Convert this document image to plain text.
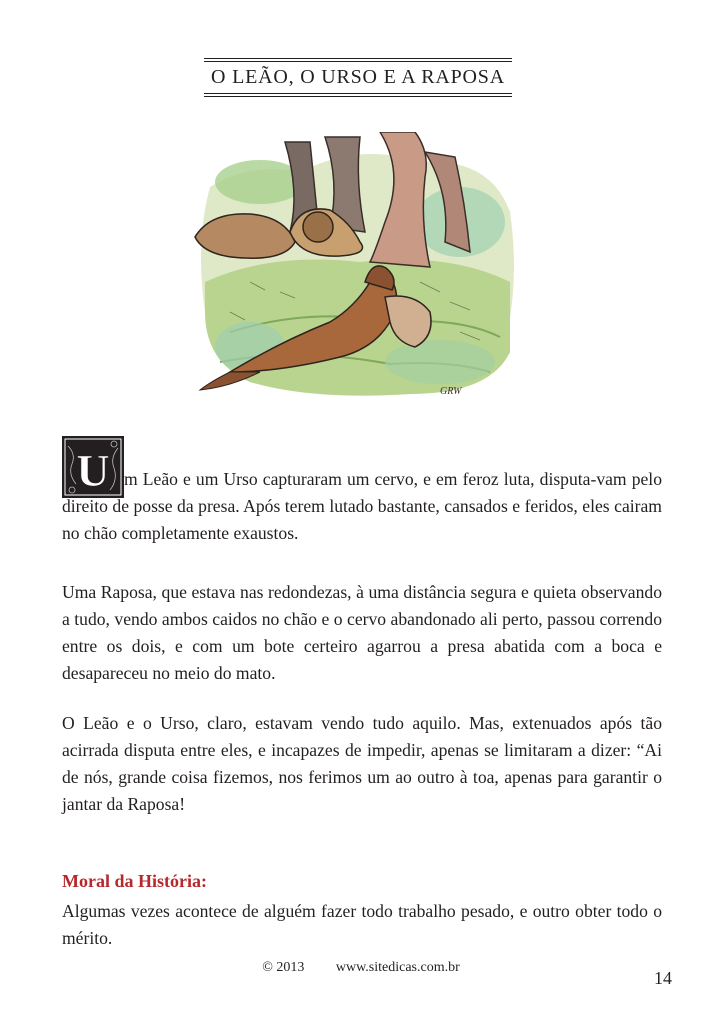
O LEÃO, O URSO E A RAPOSA
GRW
U m Leão e um Urso capturaram um cervo, e em feroz luta, disputa-vam pelo direito de posse da presa. Após terem lutado bastante, cansados e feridos, eles cairam no chão completamente exaustos.

Uma Raposa, que estava nas redondezas, à uma distância segura e quieta observando a tudo, vendo ambos caidos no chão e o cervo abandonado ali perto, passou correndo entre os dois, e com um bote certeiro agarrou a presa abatida com a boca e desapareceu no meio do mato.

O Leão e o Urso, claro, estavam vendo tudo aquilo. Mas, extenuados após tão acirrada disputa entre eles, e incapazes de impedir, apenas se limitaram a dizer: “Ai de nós, grande coisa fizemos, nos ferimos um ao outro à toa, apenas para garantir o jantar da Raposa!

Moral da História:

Algumas vezes acontece de alguém fazer todo trabalho pesado, e outro obter todo o mérito.

© 2013 www.sitedicas.com.br
14
